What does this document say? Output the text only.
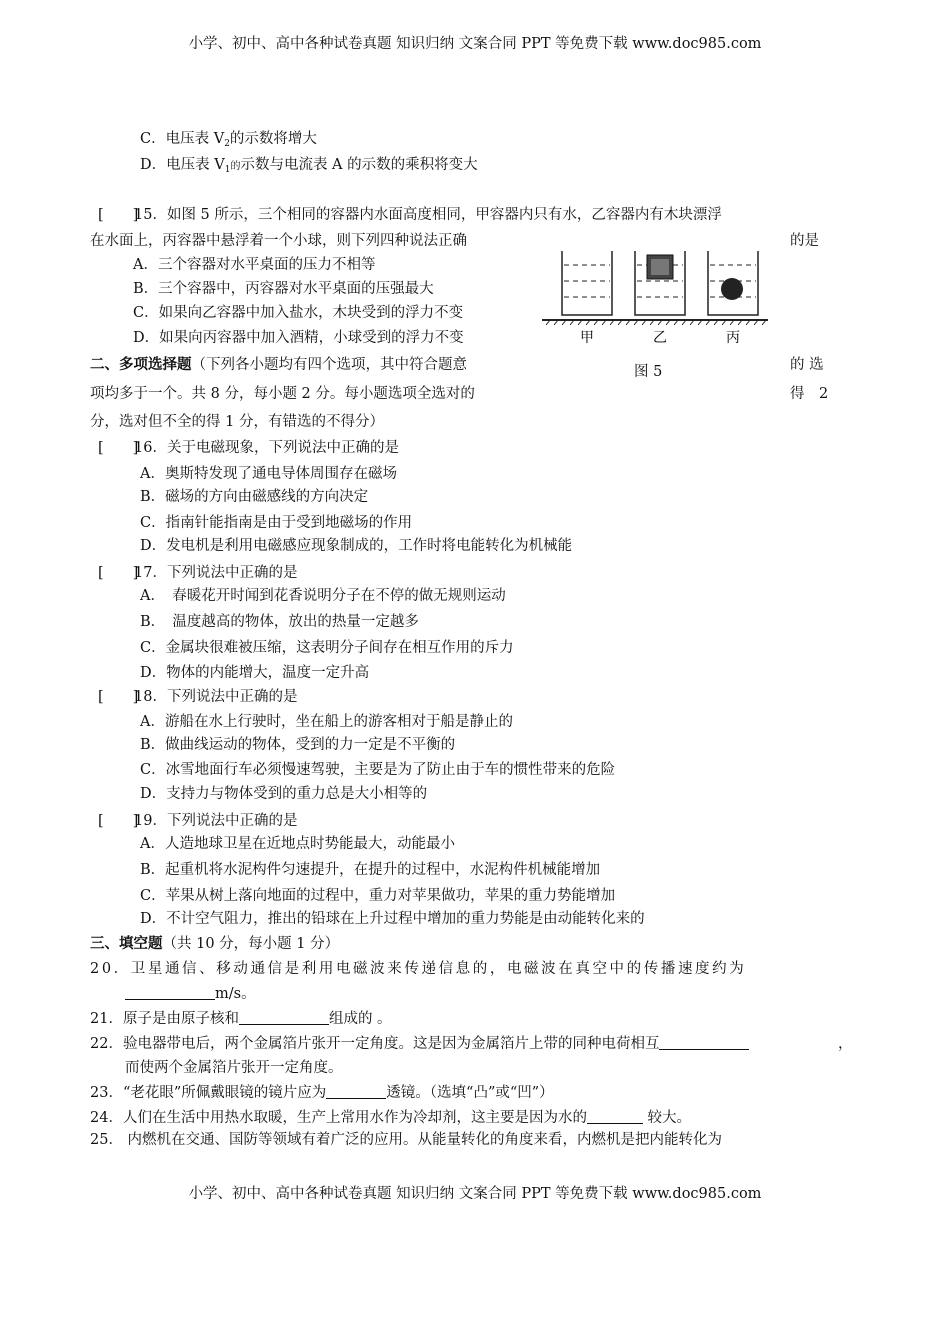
小学、初中、高中各种试卷真题 知识归纳 文案合同 PPT 等免费下载 www.doc985.com
C．电压表 $V_2$的示数将增大
D．电压表 $V_1$的示数与电流表 A 的示数的乘积将变大
[　　]15．如图 5 所示，三个相同的容器内水面高度相同，甲容器内只有水，乙容器内有木块漂浮
在水面上，丙容器中悬浮着一个小球，则下列四种说法正确	的是
A．三个容器对水平桌面的压力不相等
B．三个容器中，丙容器对水平桌面的压强最大
C．如果向乙容器中加入盐水，木块受到的浮力不变
D．如果向丙容器中加入酒精，小球受到的浮力不变	甲	乙	丙
图 5
二、多项选择题（下列各小题均有四个选项，其中符合题意	的 选
项均多于一个。共 8 分，每小题 2 分。每小题选项全选对的	得　2
分，选对但不全的得 1 分，有错选的不得分）
[　　]16．关于电磁现象，下列说法中正确的是
A．奥斯特发现了通电导体周围存在磁场
B．磁场的方向由磁感线的方向决定
C．指南针能指南是由于受到地磁场的作用
D．发电机是利用电磁感应现象制成的，工作时将电能转化为机械能
[　　]17．下列说法中正确的是
A．　春暖花开时闻到花香说明分子在不停的做无规则运动
B．　温度越高的物体，放出的热量一定越多
C．金属块很难被压缩，这表明分子间存在相互作用的斥力
D．物体的内能增大，温度一定升高
[　　]18．下列说法中正确的是
A．游船在水上行驶时，坐在船上的游客相对于船是静止的
B．做曲线运动的物体，受到的力一定是不平衡的
C．冰雪地面行车必须慢速驾驶，主要是为了防止由于车的惯性带来的危险
D．支持力与物体受到的重力总是大小相等的
[　　]19．下列说法中正确的是
A．人造地球卫星在近地点时势能最大，动能最小
B．起重机将水泥构件匀速提升，在提升的过程中，水泥构件机械能增加
C．苹果从树上落向地面的过程中，重力对苹果做功，苹果的重力势能增加
D．不计空气阻力，推出的铅球在上升过程中增加的重力势能是由动能转化来的
三、填空题（共 10 分，每小题 1 分）
20．卫星通信、移动通信是利用电磁波来传递信息的，电磁波在真空中的传播速度约为
m/s。
21．原子是由原子核和	组成的 。
22．验电器带电后，两个金属箔片张开一定角度。这是因为金属箔片上带的同种电荷相互	，
而使两个金属箔片张开一定角度。
23．“老花眼”所佩戴眼镜的镜片应为	透镜。（选填“凸”或“凹”）
24．人们在生活中用热水取暖，生产上常用水作为冷却剂，这主要是因为水的	较大。
25． 内燃机在交通、国防等领域有着广泛的应用。从能量转化的角度来看，内燃机是把内能转化为
小学、初中、高中各种试卷真题 知识归纳 文案合同 PPT 等免费下载 www.doc985.com
